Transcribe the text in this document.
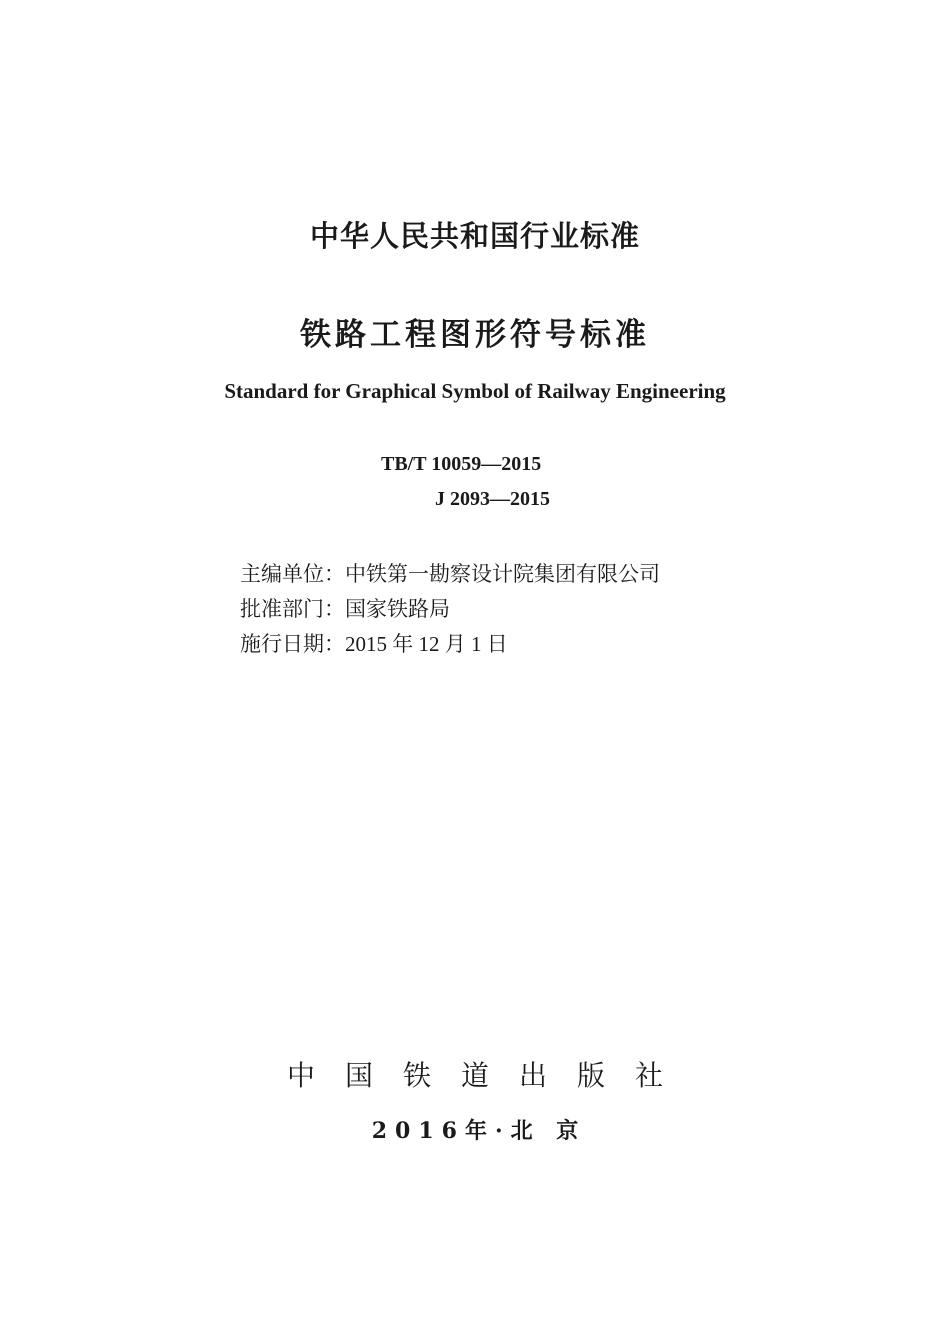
中华人民共和国行业标准
铁路工程图形符号标准
Standard for Graphical Symbol of Railway Engineering
TB/T 10059—2015
J 2093—2015
主编单位：中铁第一勘察设计院集团有限公司
批准部门：国家铁路局
施行日期：2015 年 12 月 1 日
中国铁道出版社
2016年·北 京
